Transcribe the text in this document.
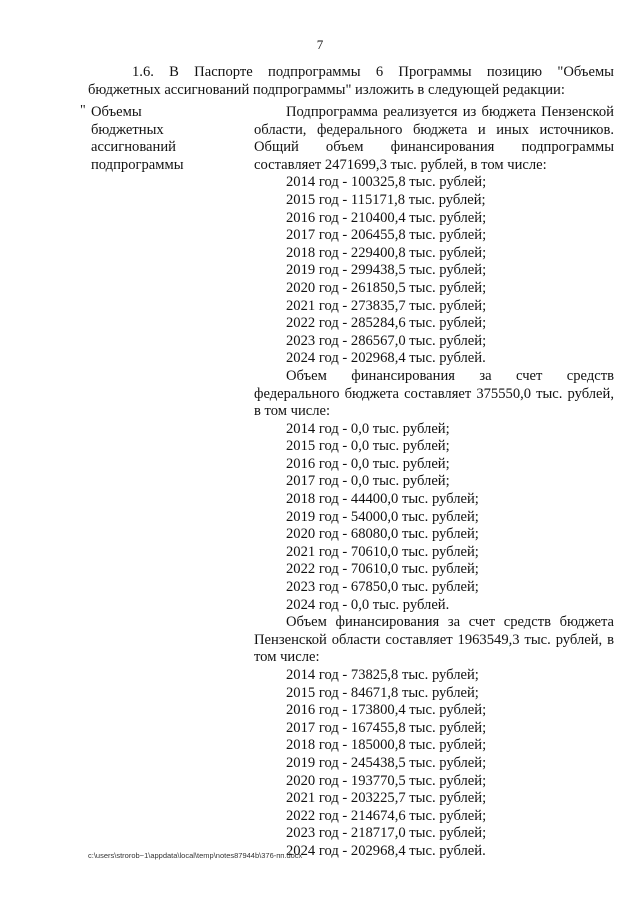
7
1.6. В Паспорте подпрограммы 6 Программы позицию "Объемы
бюджетных ассигнований подпрограммы" изложить в следующей редакции:
" Объемы
бюджетных
ассигнований
подпрограммы

Подпрограмма реализуется из бюджета Пензенской области, федерального бюджета и иных источников. Общий объем финансирования подпрограммы составляет 2471699,3 тыс. рублей, в том числе:

2014 год - 100325,8 тыс. рублей;
2015 год - 115171,8 тыс. рублей;
2016 год - 210400,4 тыс. рублей;
2017 год - 206455,8 тыс. рублей;
2018 год - 229400,8 тыс. рублей;
2019 год - 299438,5 тыс. рублей;
2020 год - 261850,5 тыс. рублей;
2021 год - 273835,7 тыс. рублей;
2022 год - 285284,6 тыс. рублей;
2023 год - 286567,0 тыс. рублей;
2024 год - 202968,4 тыс. рублей.

Объем финансирования за счет средств федерального бюджета составляет 375550,0 тыс. рублей, в том числе:

2014 год - 0,0 тыс. рублей;
2015 год - 0,0 тыс. рублей;
2016 год - 0,0 тыс. рублей;
2017 год - 0,0 тыс. рублей;
2018 год - 44400,0 тыс. рублей;
2019 год - 54000,0 тыс. рублей;
2020 год - 68080,0 тыс. рублей;
2021 год - 70610,0 тыс. рублей;
2022 год - 70610,0 тыс. рублей;
2023 год - 67850,0 тыс. рублей;
2024 год - 0,0 тыс. рублей.

Объем финансирования за счет средств бюджета Пензенской области составляет 1963549,3 тыс. рублей, в том числе:

2014 год - 73825,8 тыс. рублей;
2015 год - 84671,8 тыс. рублей;
2016 год - 173800,4 тыс. рублей;
2017 год - 167455,8 тыс. рублей;
2018 год - 185000,8 тыс. рублей;
2019 год - 245438,5 тыс. рублей;
2020 год - 193770,5 тыс. рублей;
2021 год - 203225,7 тыс. рублей;
2022 год - 214674,6 тыс. рублей;
2023 год - 218717,0 тыс. рублей;
2024 год - 202968,4 тыс. рублей.
c:\users\strorob~1\appdata\local\temp\notes87944b\376-пп.docx
